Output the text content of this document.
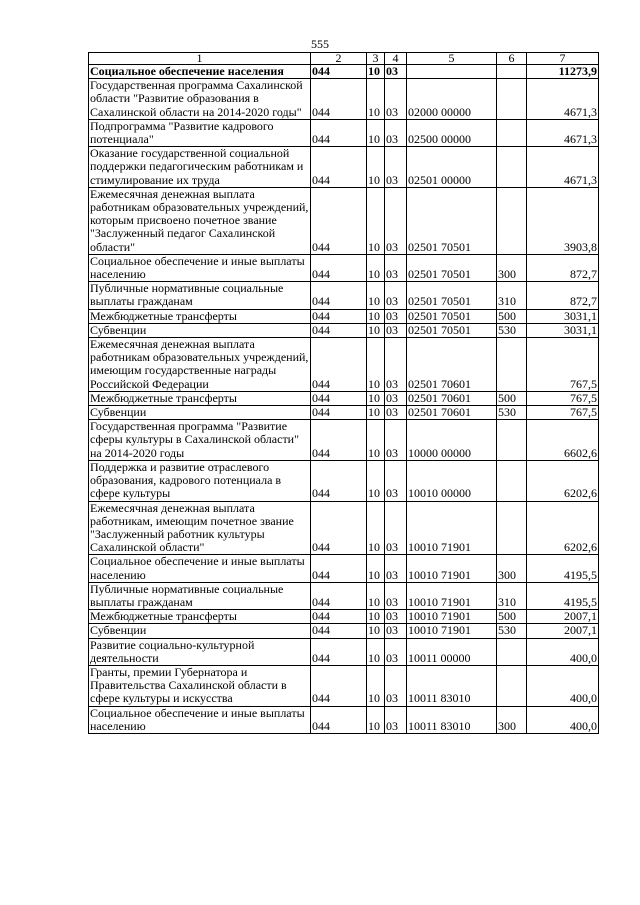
555
1	2	3	4	5	6	7
Социальное обеспечение населения	044	10	03			11273,9
Государственная программа Сахалинской области "Развитие образования в Сахалинской области на 2014-2020 годы"	044	10	03	02000 00000		4671,3
Подпрограмма "Развитие кадрового потенциала"	044	10	03	02500 00000		4671,3
Оказание государственной социальной поддержки педагогическим работникам и стимулирование их труда	044	10	03	02501 00000		4671,3
Ежемесячная денежная выплата работникам образовательных учреждений, которым присвоено почетное звание "Заслуженный педагог Сахалинской области"	044	10	03	02501 70501		3903,8
Социальное обеспечение и иные выплаты населению	044	10	03	02501 70501	300	872,7
Публичные нормативные социальные выплаты гражданам	044	10	03	02501 70501	310	872,7
Межбюджетные трансферты	044	10	03	02501 70501	500	3031,1
Субвенции	044	10	03	02501 70501	530	3031,1
Ежемесячная денежная выплата работникам образовательных учреждений, имеющим государственные награды Российской Федерации	044	10	03	02501 70601		767,5
Межбюджетные трансферты	044	10	03	02501 70601	500	767,5
Субвенции	044	10	03	02501 70601	530	767,5
Государственная программа "Развитие сферы культуры в Сахалинской области" на 2014-2020 годы	044	10	03	10000 00000		6602,6
Поддержка и развитие отраслевого образования, кадрового потенциала в сфере культуры	044	10	03	10010 00000		6202,6
Ежемесячная денежная выплата работникам, имеющим почетное звание "Заслуженный работник культуры Сахалинской области"	044	10	03	10010 71901		6202,6
Социальное обеспечение и иные выплаты населению	044	10	03	10010 71901	300	4195,5
Публичные нормативные социальные выплаты гражданам	044	10	03	10010 71901	310	4195,5
Межбюджетные трансферты	044	10	03	10010 71901	500	2007,1
Субвенции	044	10	03	10010 71901	530	2007,1
Развитие социально-культурной деятельности	044	10	03	10011 00000		400,0
Гранты, премии Губернатора и Правительства Сахалинской области в сфере культуры и искусства	044	10	03	10011 83010		400,0
Социальное обеспечение и иные выплаты населению	044	10	03	10011 83010	300	400,0
